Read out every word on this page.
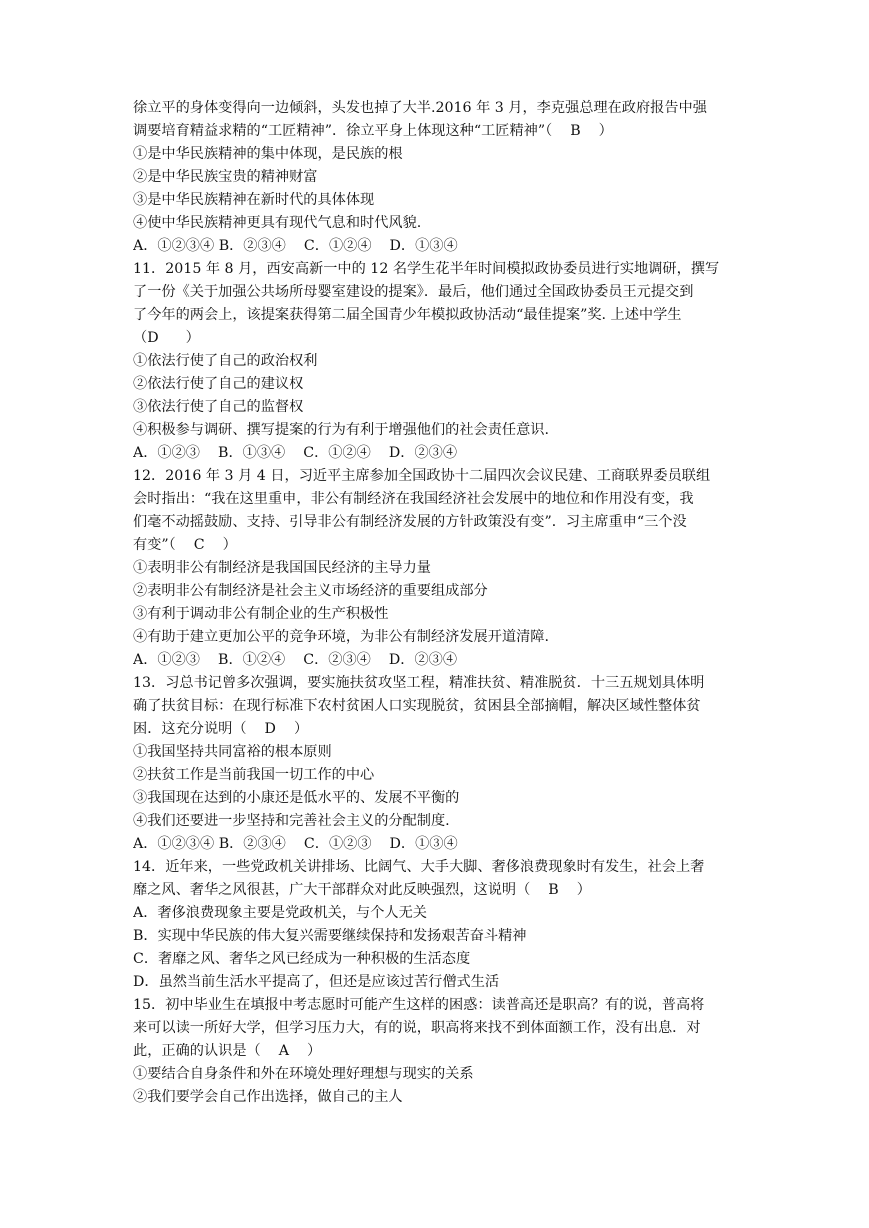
徐立平的身体变得向一边倾斜，头发也掉了大半.2016 年 3 月，李克强总理在政府报告中强
调要培育精益求精的“工匠精神”．徐立平身上体现这种“工匠精神”（    B    ）
①是中华民族精神的集中体现，是民族的根
②是中华民族宝贵的精神财富
③是中华民族精神在新时代的具体体现
④使中华民族精神更具有现代气息和时代风貌.
A．①②③④ B．②③④    C．①②④    D．①③④
11．2015 年 8 月，西安高新一中的 12 名学生花半年时间模拟政协委员进行实地调研，撰写
了一份《关于加强公共场所母婴室建设的提案》．最后，他们通过全国政协委员王元提交到
了今年的两会上，该提案获得第二届全国青少年模拟政协活动“最佳提案”奖. 上述中学生
（D      ）
①依法行使了自己的政治权利
②依法行使了自己的建议权
③依法行使了自己的监督权
④积极参与调研、撰写提案的行为有利于增强他们的社会责任意识.
A．①②③    B．①③④    C．①②④    D．②③④
12．2016 年 3 月 4 日，习近平主席参加全国政协十二届四次会议民建、工商联界委员联组
会时指出：“我在这里重申，非公有制经济在我国经济社会发展中的地位和作用没有变，我
们毫不动摇鼓励、支持、引导非公有制经济发展的方针政策没有变”．习主席重申“三个没
有变”（    C    ）
①表明非公有制经济是我国国民经济的主导力量
②表明非公有制经济是社会主义市场经济的重要组成部分
③有利于调动非公有制企业的生产积极性
④有助于建立更加公平的竞争环境，为非公有制经济发展开道清障.
A．①②③    B．①②④    C．②③④    D．②③④
13．习总书记曾多次强调，要实施扶贫攻坚工程，精准扶贫、精准脱贫．十三五规划具体明
确了扶贫目标：在现行标准下农村贫困人口实现脱贫，贫困县全部摘帽，解决区域性整体贫
困．这充分说明（    D    ）
①我国坚持共同富裕的根本原则
②扶贫工作是当前我国一切工作的中心
③我国现在达到的小康还是低水平的、发展不平衡的
④我们还要进一步坚持和完善社会主义的分配制度.
A．①②③④ B．②③④    C．①②③    D．①③④
14．近年来，一些党政机关讲排场、比阔气、大手大脚、奢侈浪费现象时有发生，社会上奢
靡之风、奢华之风很甚，广大干部群众对此反映强烈，这说明（    B    ）
A．奢侈浪费现象主要是党政机关，与个人无关
B．实现中华民族的伟大复兴需要继续保持和发扬艰苦奋斗精神
C．奢靡之风、奢华之风已经成为一种积极的生活态度
D．虽然当前生活水平提高了，但还是应该过苦行僧式生活
15．初中毕业生在填报中考志愿时可能产生这样的困惑：读普高还是职高？有的说，普高将
来可以读一所好大学，但学习压力大，有的说，职高将来找不到体面额工作，没有出息．对
此，正确的认识是（    A    ）
①要结合自身条件和外在环境处理好理想与现实的关系
②我们要学会自己作出选择，做自己的主人
